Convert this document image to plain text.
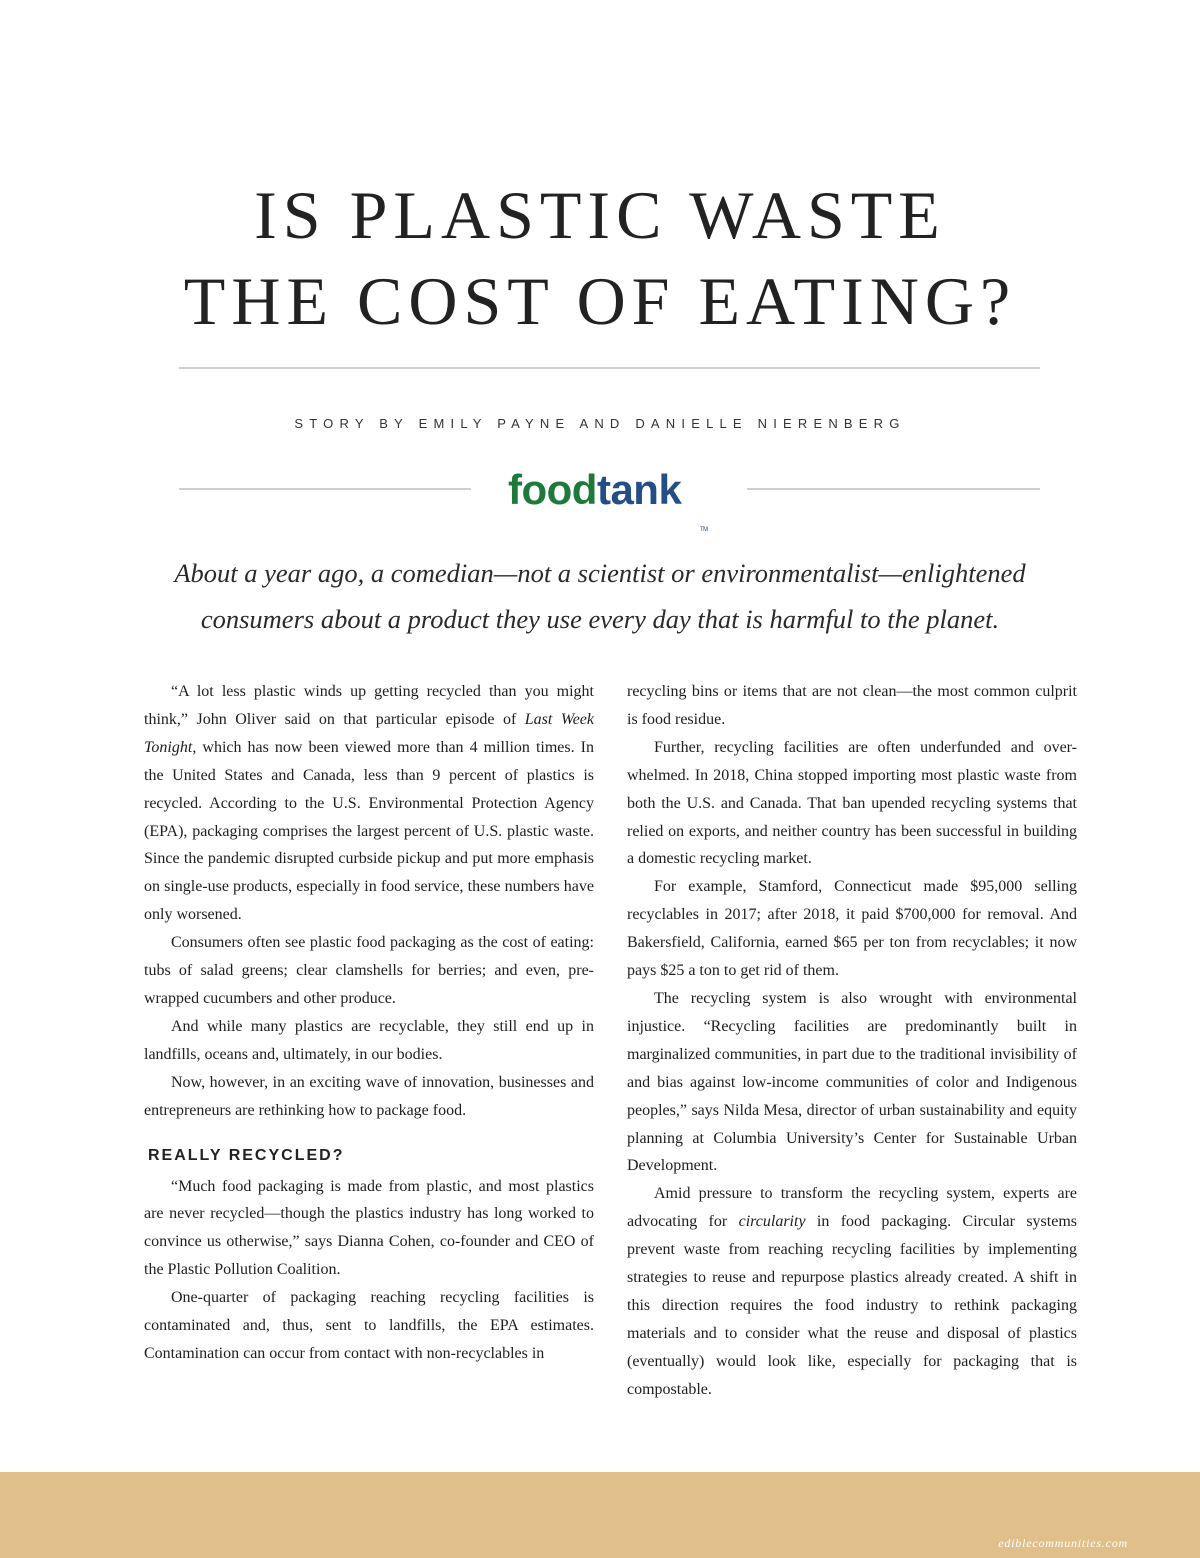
IS PLASTIC WASTE
THE COST OF EATING?
STORY BY EMILY PAYNE AND DANIELLE NIERENBERG
foodtank
TM
About a year ago, a comedian—not a scientist or environmentalist—enlightened
consumers about a product they use every day that is harmful to the planet.

“A lot less plastic winds up getting recycled than you might think,” John Oliver said on that particular episode of Last Week Tonight, which has now been viewed more than 4 million times. In the United States and Canada, less than 9 percent of plastics is recycled. According to the U.S. Environmental Protection Agency (EPA), packaging comprises the largest percent of U.S. plastic waste. Since the pandemic disrupted curbside pickup and put more emphasis on single-use products, especially in food service, these numbers have only worsened.

Consumers often see plastic food packaging as the cost of eating: tubs of salad greens; clear clamshells for berries; and even, pre-wrapped cucumbers and other produce.

And while many plastics are recyclable, they still end up in landfills, oceans and, ultimately, in our bodies.

Now, however, in an exciting wave of innovation, businesses and entrepreneurs are rethinking how to package food.

REALLY RECYCLED?

“Much food packaging is made from plastic, and most plastics are never recycled—though the plastics industry has long worked to convince us otherwise,” says Dianna Cohen, co-founder and CEO of the Plastic Pollution Coalition.

One-quarter of packaging reaching recycling facilities is contaminated and, thus, sent to landfills, the EPA estimates. Contamination can occur from contact with non-recyclables in

recycling bins or items that are not clean—the most common culprit is food residue.

Further, recycling facilities are often underfunded and over-whelmed. In 2018, China stopped importing most plastic waste from both the U.S. and Canada. That ban upended recycling systems that relied on exports, and neither country has been successful in building a domestic recycling market.

For example, Stamford, Connecticut made $95,000 selling recyclables in 2017; after 2018, it paid $700,000 for removal. And Bakersfield, California, earned $65 per ton from recyclables; it now pays $25 a ton to get rid of them.

The recycling system is also wrought with environmental injustice. “Recycling facilities are predominantly built in marginalized communities, in part due to the traditional invisibility of and bias against low-income communities of color and Indigenous peoples,” says Nilda Mesa, director of urban sustainability and equity planning at Columbia University’s Center for Sustainable Urban Development.

Amid pressure to transform the recycling system, experts are advocating for circularity in food packaging. Circular systems prevent waste from reaching recycling facilities by implementing strategies to reuse and repurpose plastics already created. A shift in this direction requires the food industry to rethink packaging materials and to consider what the reuse and disposal of plastics (eventually) would look like, especially for packaging that is compostable.

ediblecommunities.com
